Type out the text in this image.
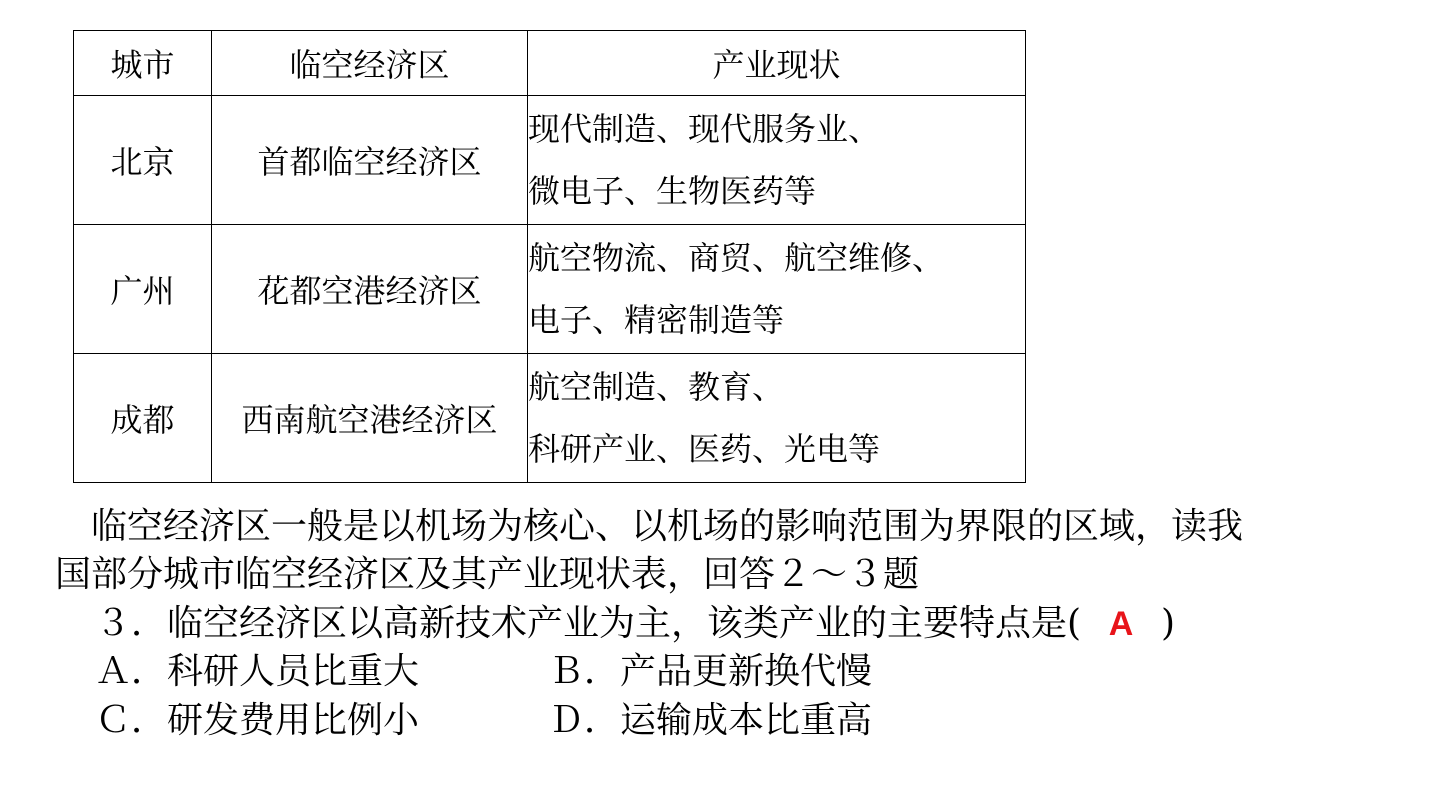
城市	临空经济区	产业现状
北京	首都临空经济区	现代制造、现代服务业、
微电子、生物医药等

广州	花都空港经济区	航空物流、商贸、航空维修、
电子、精密制造等

成都	西南航空港经济区	航空制造、教育、
科研产业、医药、光电等
　临空经济区一般是以机场为核心、以机场的影响范围为界限的区域，读我
国部分城市临空经济区及其产业现状表，回答２～３题
３．临空经济区以高新技术产业为主，该类产业的主要特点是( A )
Ａ．科研人员比重大	Ｂ．产品更新换代慢
Ｃ．研发费用比例小	Ｄ．运输成本比重高
